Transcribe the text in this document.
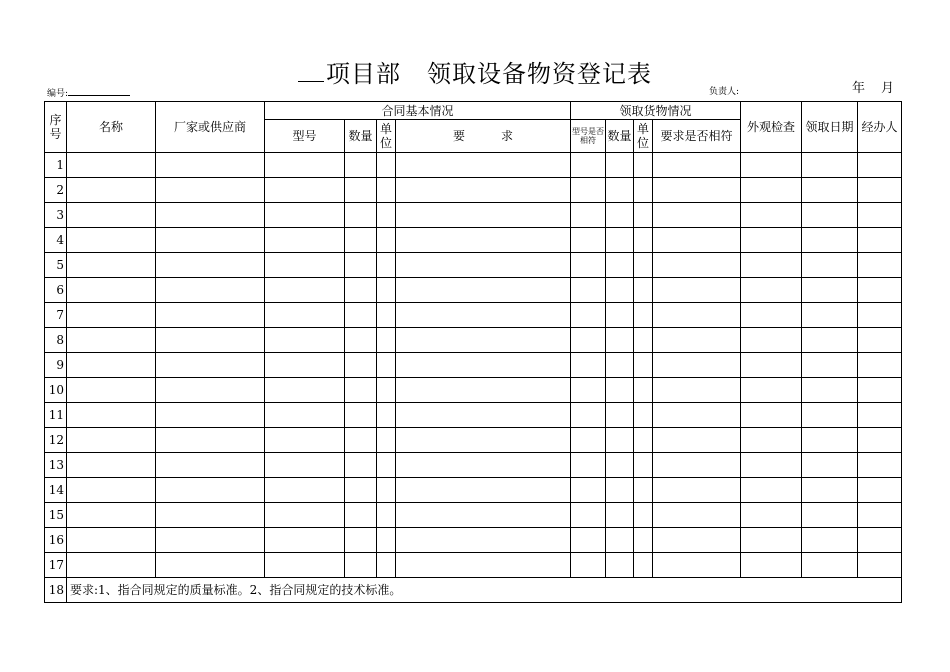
项目部 领取设备物资登记表
编号:	负责人:	年 月
序号	名称	厂家或供应商	合同基本情况				领取货物情况				外观检查	领取日期	经办人
			型号	数量	单位	要 求	型号是否相符	数量	单位	要求是否相符			
1													
2													
3													
4													
5													
6													
7													
8													
9													
10													
11													
12													
13													
14													
15													
16													
17													
18	要求:1、指合同规定的质量标准。2、指合同规定的技术标准。												
